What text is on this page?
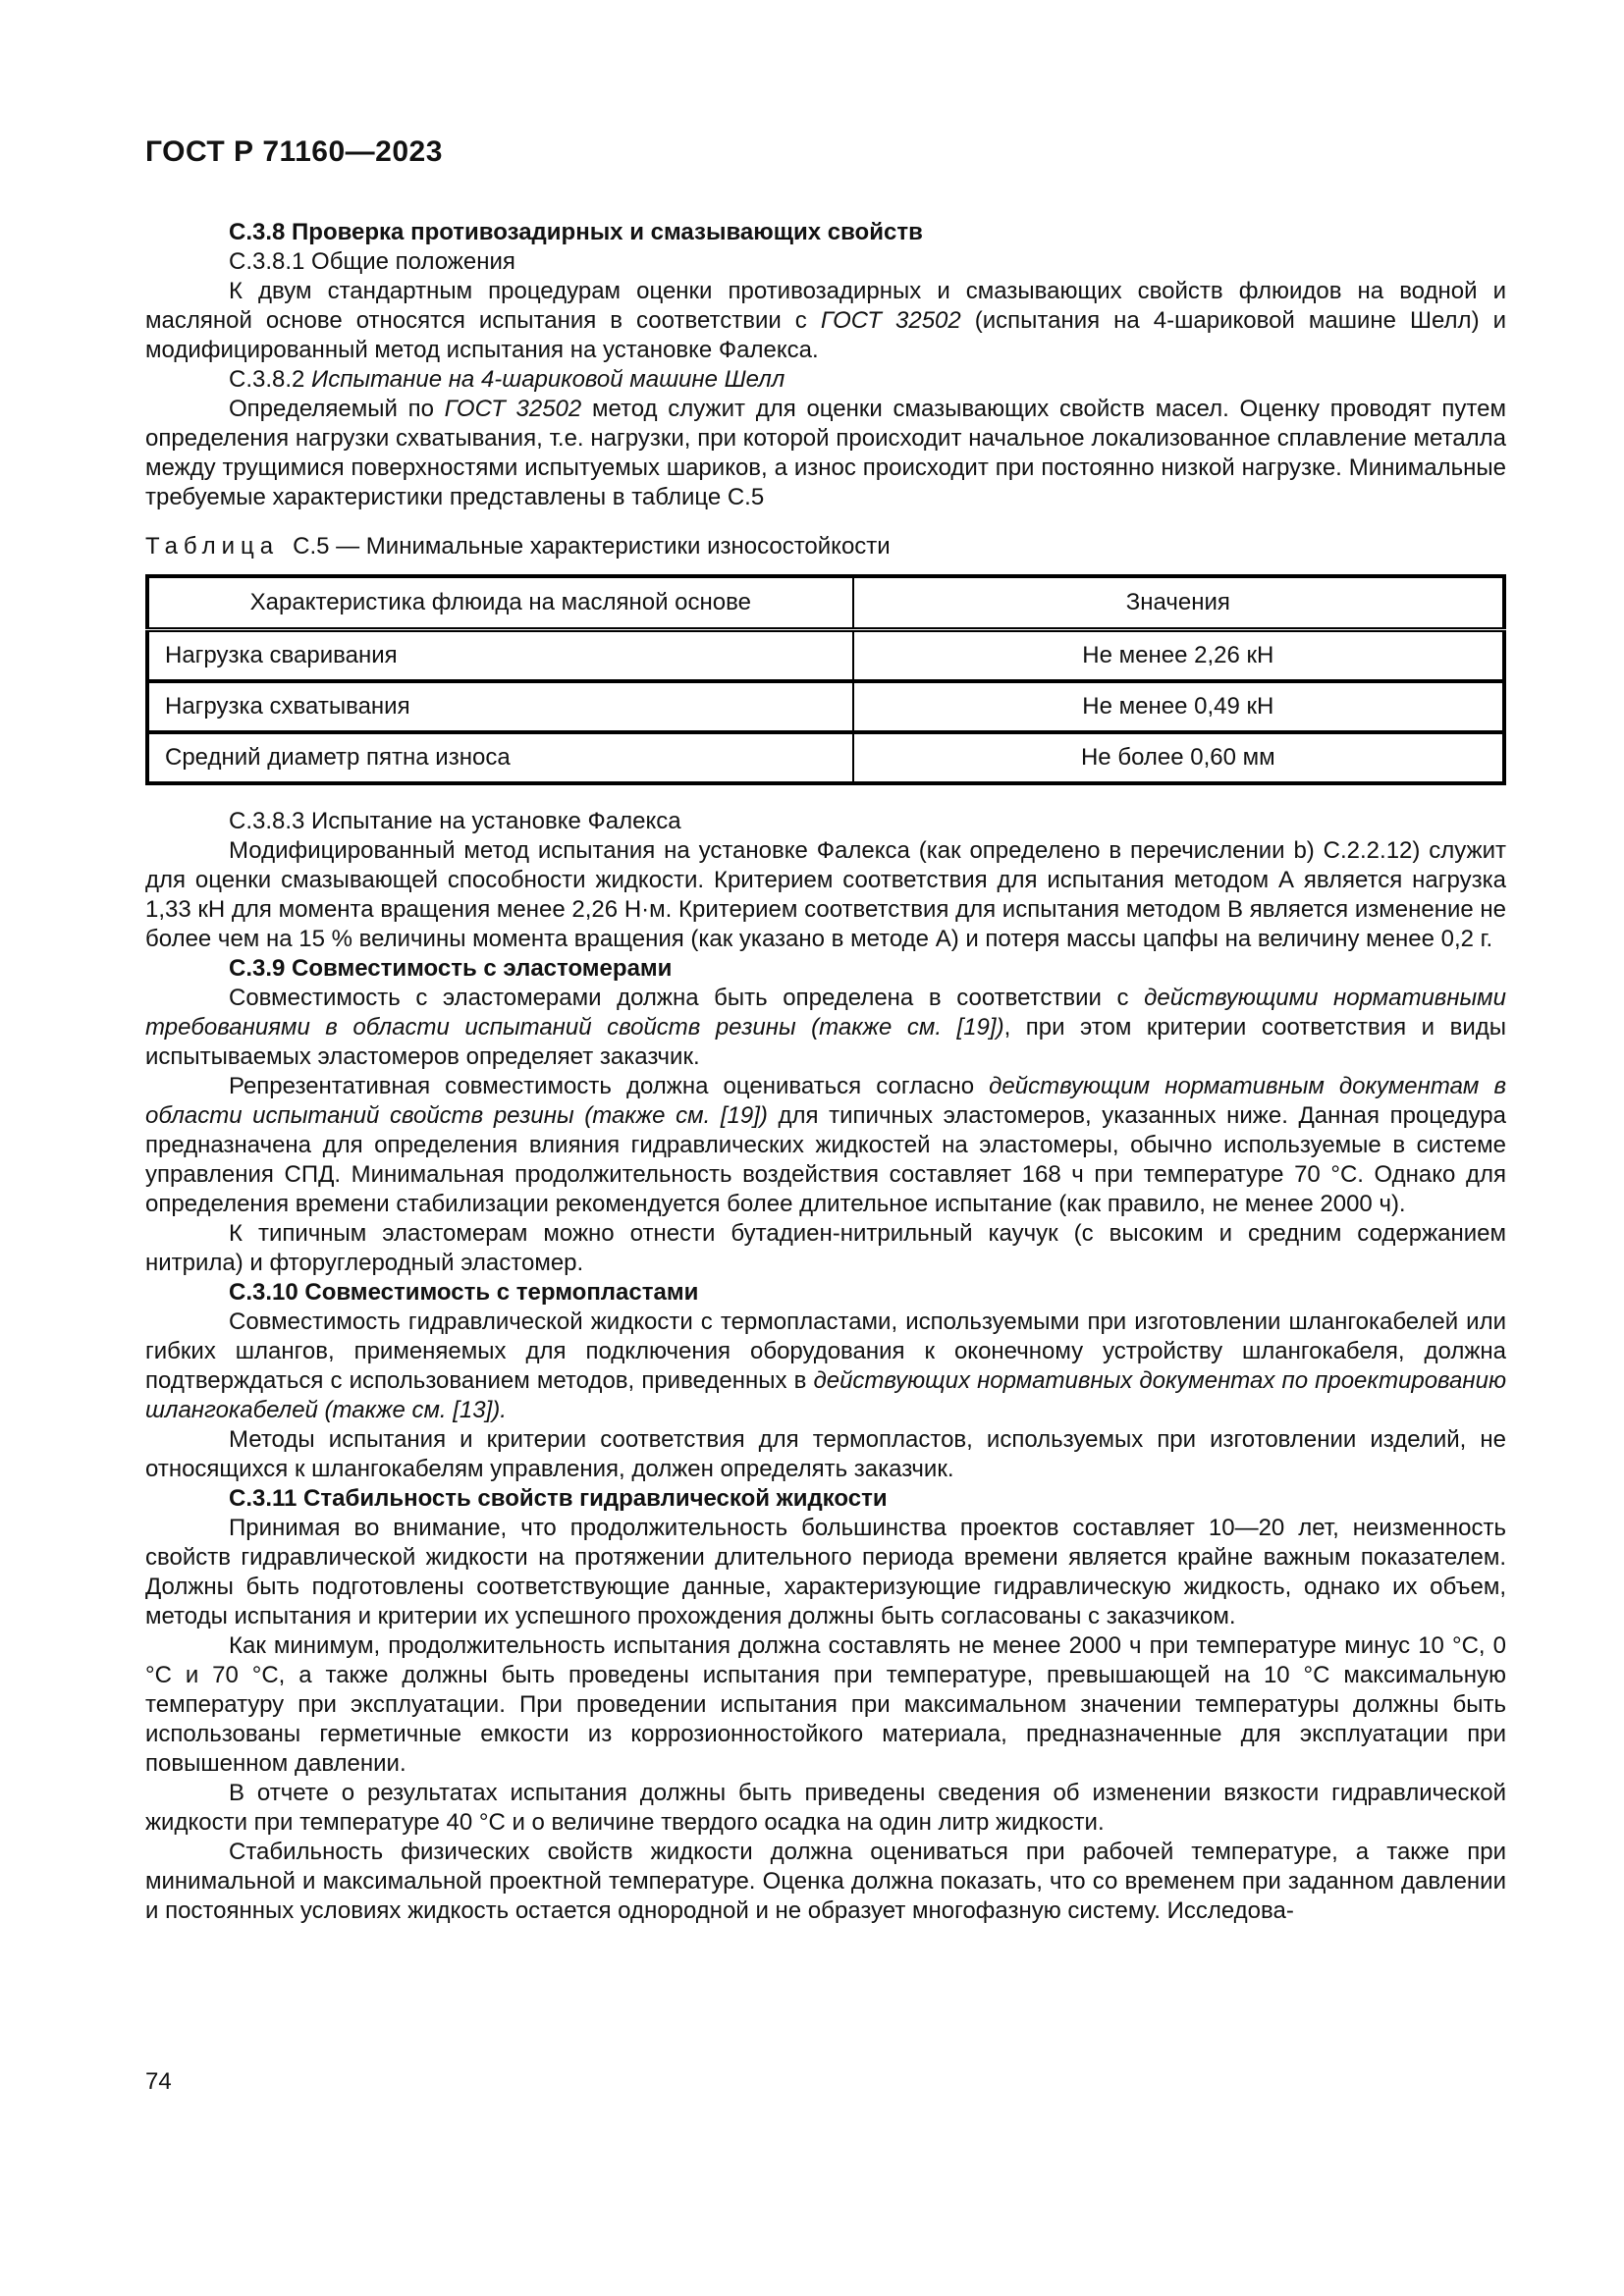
ГОСТ Р 71160—2023

С.3.8 Проверка противозадирных и смазывающих свойств

С.3.8.1 Общие положения

К двум стандартным процедурам оценки противозадирных и смазывающих свойств флюидов на водной и масляной основе относятся испытания в соответствии с ГОСТ 32502 (испытания на 4-шариковой машине Шелл) и модифицированный метод испытания на установке Фалекса.

С.3.8.2 Испытание на 4-шариковой машине Шелл

Определяемый по ГОСТ 32502 метод служит для оценки смазывающих свойств масел. Оценку проводят путем определения нагрузки схватывания, т.е. нагрузки, при которой происходит начальное локализованное сплавление металла между трущимися поверхностями испытуемых шариков, а износ происходит при постоянно низкой нагрузке. Минимальные требуемые характеристики представлены в таблице С.5

Таблица С.5 — Минимальные характеристики износостойкости

Характеристика флюида на масляной основе	Значения
Нагрузка сваривания	Не менее 2,26 кН
Нагрузка схватывания	Не менее 0,49 кН
Средний диаметр пятна износа	Не более 0,60 мм

С.3.8.3 Испытание на установке Фалекса

Модифицированный метод испытания на установке Фалекса (как определено в перечислении b) С.2.2.12) служит для оценки смазывающей способности жидкости. Критерием соответствия для испытания методом А является нагрузка 1,33 кН для момента вращения менее 2,26 Н·м. Критерием соответствия для испытания методом В является изменение не более чем на 15 % величины момента вращения (как указано в методе А) и потеря массы цапфы на величину менее 0,2 г.

С.3.9 Совместимость с эластомерами

Совместимость с эластомерами должна быть определена в соответствии с действующими нормативными требованиями в области испытаний свойств резины (также см. [19]), при этом критерии соответствия и виды испытываемых эластомеров определяет заказчик.

Репрезентативная совместимость должна оцениваться согласно действующим нормативным документам в области испытаний свойств резины (также см. [19]) для типичных эластомеров, указанных ниже. Данная процедура предназначена для определения влияния гидравлических жидкостей на эластомеры, обычно используемые в системе управления СПД. Минимальная продолжительность воздействия составляет 168 ч при температуре 70 °С. Однако для определения времени стабилизации рекомендуется более длительное испытание (как правило, не менее 2000 ч).

К типичным эластомерам можно отнести бутадиен-нитрильный каучук (с высоким и средним содержанием нитрила) и фторуглеродный эластомер.

С.3.10 Совместимость с термопластами

Совместимость гидравлической жидкости с термопластами, используемыми при изготовлении шлангокабелей или гибких шлангов, применяемых для подключения оборудования к оконечному устройству шлангокабеля, должна подтверждаться с использованием методов, приведенных в действующих нормативных документах по проектированию шлангокабелей (также см. [13]).

Методы испытания и критерии соответствия для термопластов, используемых при изготовлении изделий, не относящихся к шлангокабелям управления, должен определять заказчик.

С.3.11 Стабильность свойств гидравлической жидкости

Принимая во внимание, что продолжительность большинства проектов составляет 10—20 лет, неизменность свойств гидравлической жидкости на протяжении длительного периода времени является крайне важным показателем. Должны быть подготовлены соответствующие данные, характеризующие гидравлическую жидкость, однако их объем, методы испытания и критерии их успешного прохождения должны быть согласованы с заказчиком.

Как минимум, продолжительность испытания должна составлять не менее 2000 ч при температуре минус 10 °С, 0 °С и 70 °С, а также должны быть проведены испытания при температуре, превышающей на 10 °С максимальную температуру при эксплуатации. При проведении испытания при максимальном значении температуры должны быть использованы герметичные емкости из коррозионностойкого материала, предназначенные для эксплуатации при повышенном давлении.

В отчете о результатах испытания должны быть приведены сведения об изменении вязкости гидравлической жидкости при температуре 40 °С и о величине твердого осадка на один литр жидкости.

Стабильность физических свойств жидкости должна оцениваться при рабочей температуре, а также при минимальной и максимальной проектной температуре. Оценка должна показать, что со временем при заданном давлении и постоянных условиях жидкость остается однородной и не образует многофазную систему. Исследова-

74
